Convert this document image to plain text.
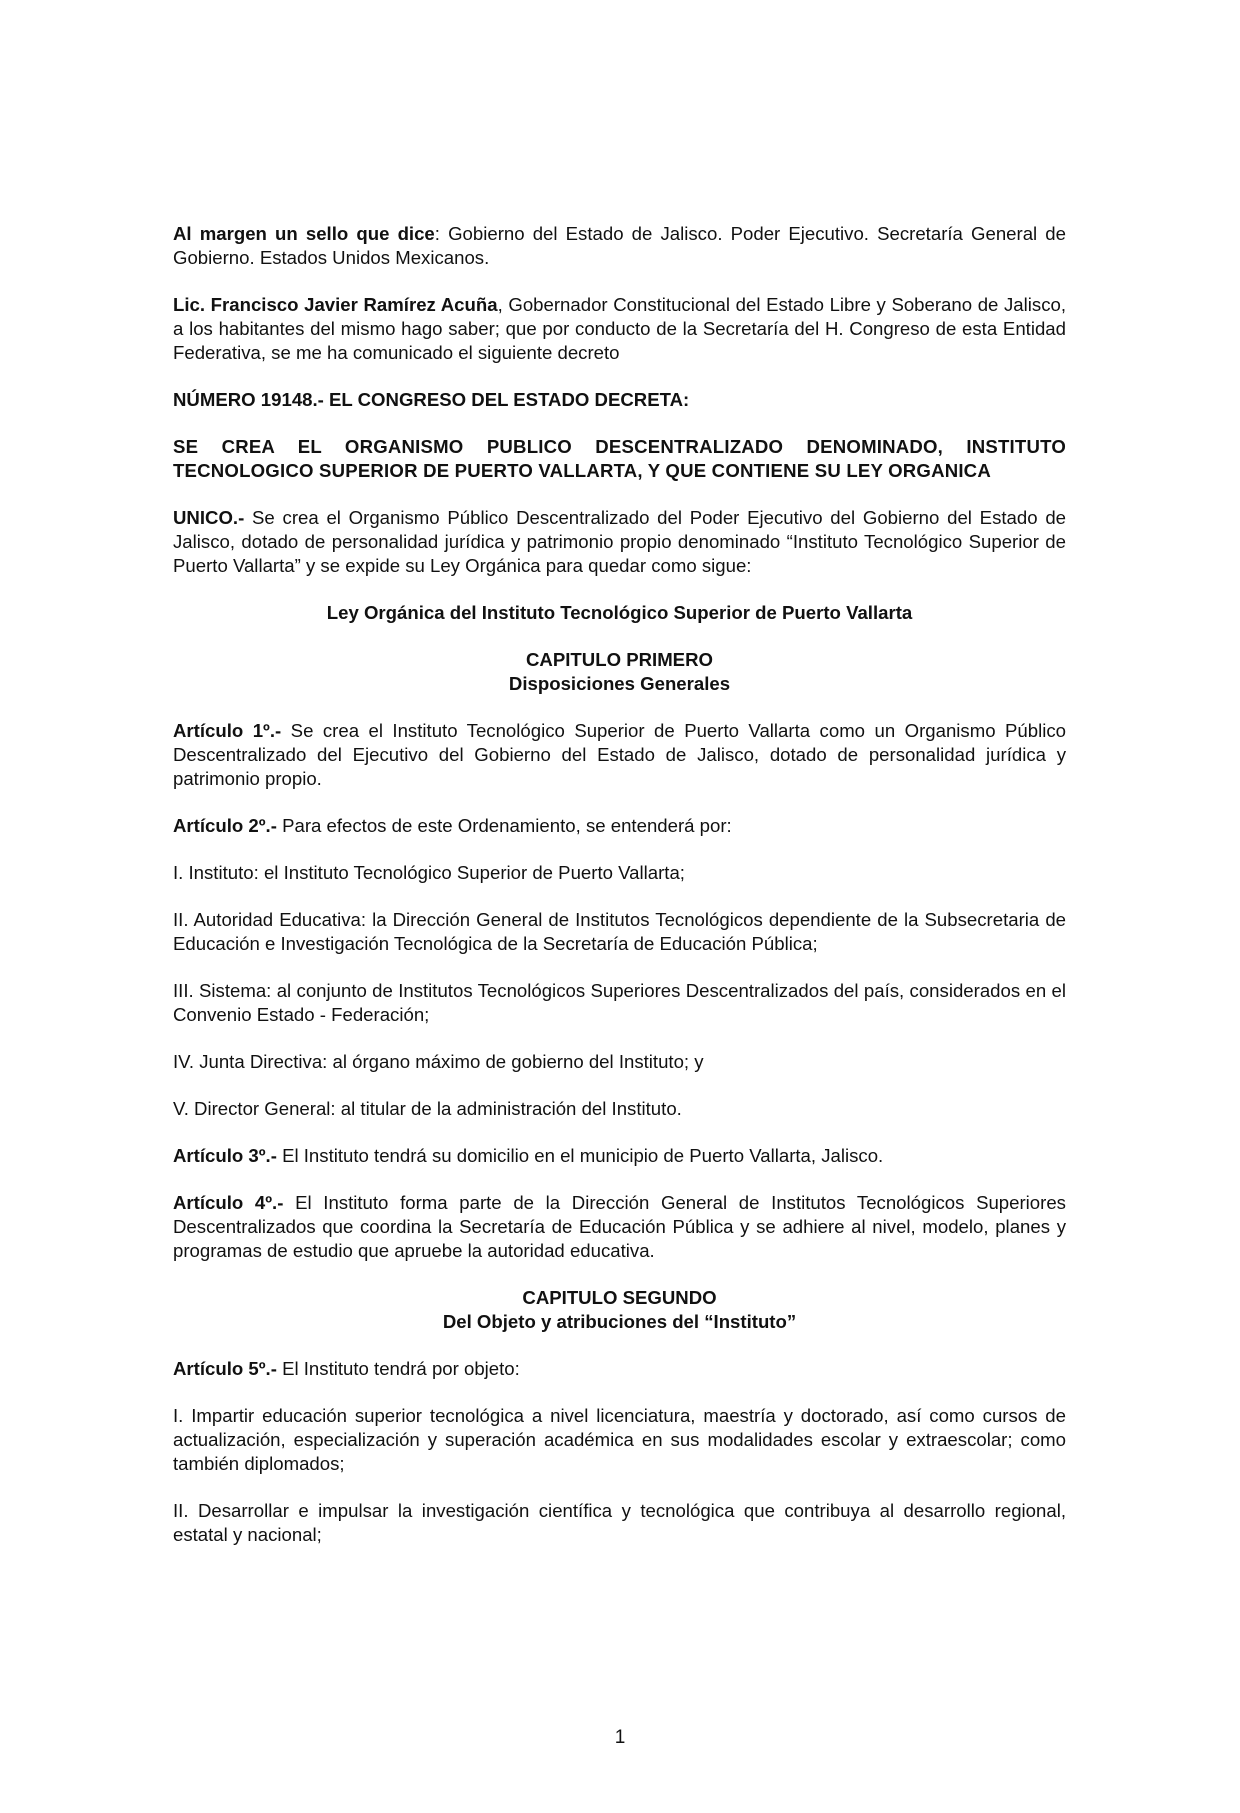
Al margen un sello que dice: Gobierno del Estado de Jalisco. Poder Ejecutivo. Secretaría General de Gobierno. Estados Unidos Mexicanos.

Lic. Francisco Javier Ramírez Acuña, Gobernador Constitucional del Estado Libre y Soberano de Jalisco, a los habitantes del mismo hago saber; que por conducto de la Secretaría del H. Congreso de esta Entidad Federativa, se me ha comunicado el siguiente decreto

NÚMERO 19148.- EL CONGRESO DEL ESTADO DECRETA:

SE CREA EL ORGANISMO PUBLICO DESCENTRALIZADO DENOMINADO, INSTITUTO TECNOLOGICO SUPERIOR DE PUERTO VALLARTA, Y QUE CONTIENE SU LEY ORGANICA

UNICO.- Se crea el Organismo Público Descentralizado del Poder Ejecutivo del Gobierno del Estado de Jalisco, dotado de personalidad jurídica y patrimonio propio denominado “Instituto Tecnológico Superior de Puerto Vallarta” y se expide su Ley Orgánica para quedar como sigue:

Ley Orgánica del Instituto Tecnológico Superior de Puerto Vallarta

CAPITULO PRIMERO
Disposiciones Generales

Artículo 1º.- Se crea el Instituto Tecnológico Superior de Puerto Vallarta como un Organismo Público Descentralizado del Ejecutivo del Gobierno del Estado de Jalisco, dotado de personalidad jurídica y patrimonio propio.

Artículo 2º.- Para efectos de este Ordenamiento, se entenderá por:

I. Instituto: el Instituto Tecnológico Superior de Puerto Vallarta;

II. Autoridad Educativa: la Dirección General de Institutos Tecnológicos dependiente de la Subsecretaria de Educación e Investigación Tecnológica de la Secretaría de Educación Pública;

III. Sistema: al conjunto de Institutos Tecnológicos Superiores Descentralizados del país, considerados en el Convenio Estado - Federación;

IV. Junta Directiva: al órgano máximo de gobierno del Instituto; y

V. Director General: al titular de la administración del Instituto.

Artículo 3º.- El Instituto tendrá su domicilio en el municipio de Puerto Vallarta, Jalisco.

Artículo 4º.- El Instituto forma parte de la Dirección General de Institutos Tecnológicos Superiores Descentralizados que coordina la Secretaría de Educación Pública y se adhiere al nivel, modelo, planes y programas de estudio que apruebe la autoridad educativa.

CAPITULO SEGUNDO
Del Objeto y atribuciones del “Instituto”

Artículo 5º.- El Instituto tendrá por objeto:

I. Impartir educación superior tecnológica a nivel licenciatura, maestría y doctorado, así como cursos de actualización, especialización y superación académica en sus modalidades escolar y extraescolar; como también diplomados;

II. Desarrollar e impulsar la investigación científica y tecnológica que contribuya al desarrollo regional, estatal y nacional;

1
